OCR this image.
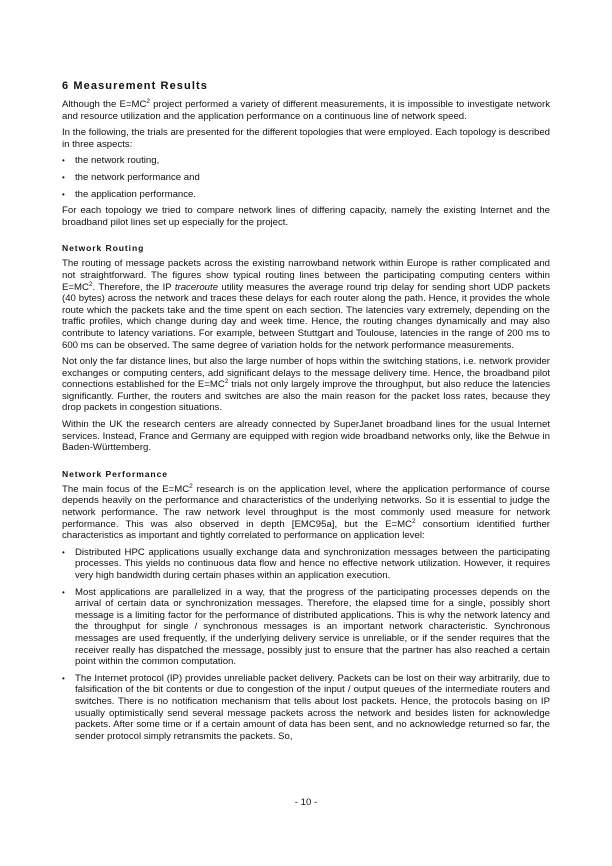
6 Measurement Results

Although the $E=MC^2$ project performed a variety of different measurements, it is impossible to investigate network and resource utilization and the application performance on a continuous line of network speed.

In the following, the trials are presented for the different topologies that were employed. Each topology is described in three aspects:

• the network routing,
• the network performance and
• the application performance.

For each topology we tried to compare network lines of differing capacity, namely the existing Internet and the broadband pilot lines set up especially for the project.

Network Routing

The routing of message packets across the existing narrowband network within Europe is rather complicated and not straightforward. The figures show typical routing lines between the participating computing centers within $E=MC^2$. Therefore, the IP traceroute utility measures the average round trip delay for sending short UDP packets (40 bytes) across the network and traces these delays for each router along the path. Hence, it provides the whole route which the packets take and the time spent on each section. The latencies vary extremely, depending on the traffic profiles, which change during day and week time. Hence, the routing changes dynamically and may also contribute to latency variations. For example, between Stuttgart and Toulouse, latencies in the range of 200 ms to 600 ms can be observed. The same degree of variation holds for the network performance measurements.

Not only the far distance lines, but also the large number of hops within the switching stations, i.e. network provider exchanges or computing centers, add significant delays to the message delivery time. Hence, the broadband pilot connections established for the $E=MC^2$ trials not only largely improve the throughput, but also reduce the latencies significantly. Further, the routers and switches are also the main reason for the packet loss rates, because they drop packets in congestion situations.

Within the UK the research centers are already connected by SuperJanet broadband lines for the usual Internet services. Instead, France and Germany are equipped with region wide broadband networks only, like the Belwue in Baden-Württemberg.

Network Performance

The main focus of the $E=MC^2$ research is on the application level, where the application performance of course depends heavily on the performance and characteristics of the underlying networks. So it is essential to judge the network performance. The raw network level throughput is the most commonly used measure for network performance. This was also observed in depth [EMC95a], but the $E=MC^2$ consortium identified further characteristics as important and tightly correlated to performance on application level:

• Distributed HPC applications usually exchange data and synchronization messages between the participating processes. This yields no continuous data flow and hence no effective network utilization. However, it requires very high bandwidth during certain phases within an application execution.
• Most applications are parallelized in a way, that the progress of the participating processes depends on the arrival of certain data or synchronization messages. Therefore, the elapsed time for a single, possibly short message is a limiting factor for the performance of distributed applications. This is why the network latency and the throughput for single / synchronous messages is an important network characteristic. Synchronous messages are used frequently, if the underlying delivery service is unreliable, or if the sender requires that the receiver really has dispatched the message, possibly just to ensure that the partner has also reached a certain point within the common computation.
• The Internet protocol (IP) provides unreliable packet delivery. Packets can be lost on their way arbitrarily, due to falsification of the bit contents or due to congestion of the input / output queues of the intermediate routers and switches. There is no notification mechanism that tells about lost packets. Hence, the protocols basing on IP usually optimistically send several message packets across the network and besides listen for acknowledge packets. After some time or if a certain amount of data has been sent, and no acknowledge returned so far, the sender protocol simply retransmits the packets. So,
- 10 -
